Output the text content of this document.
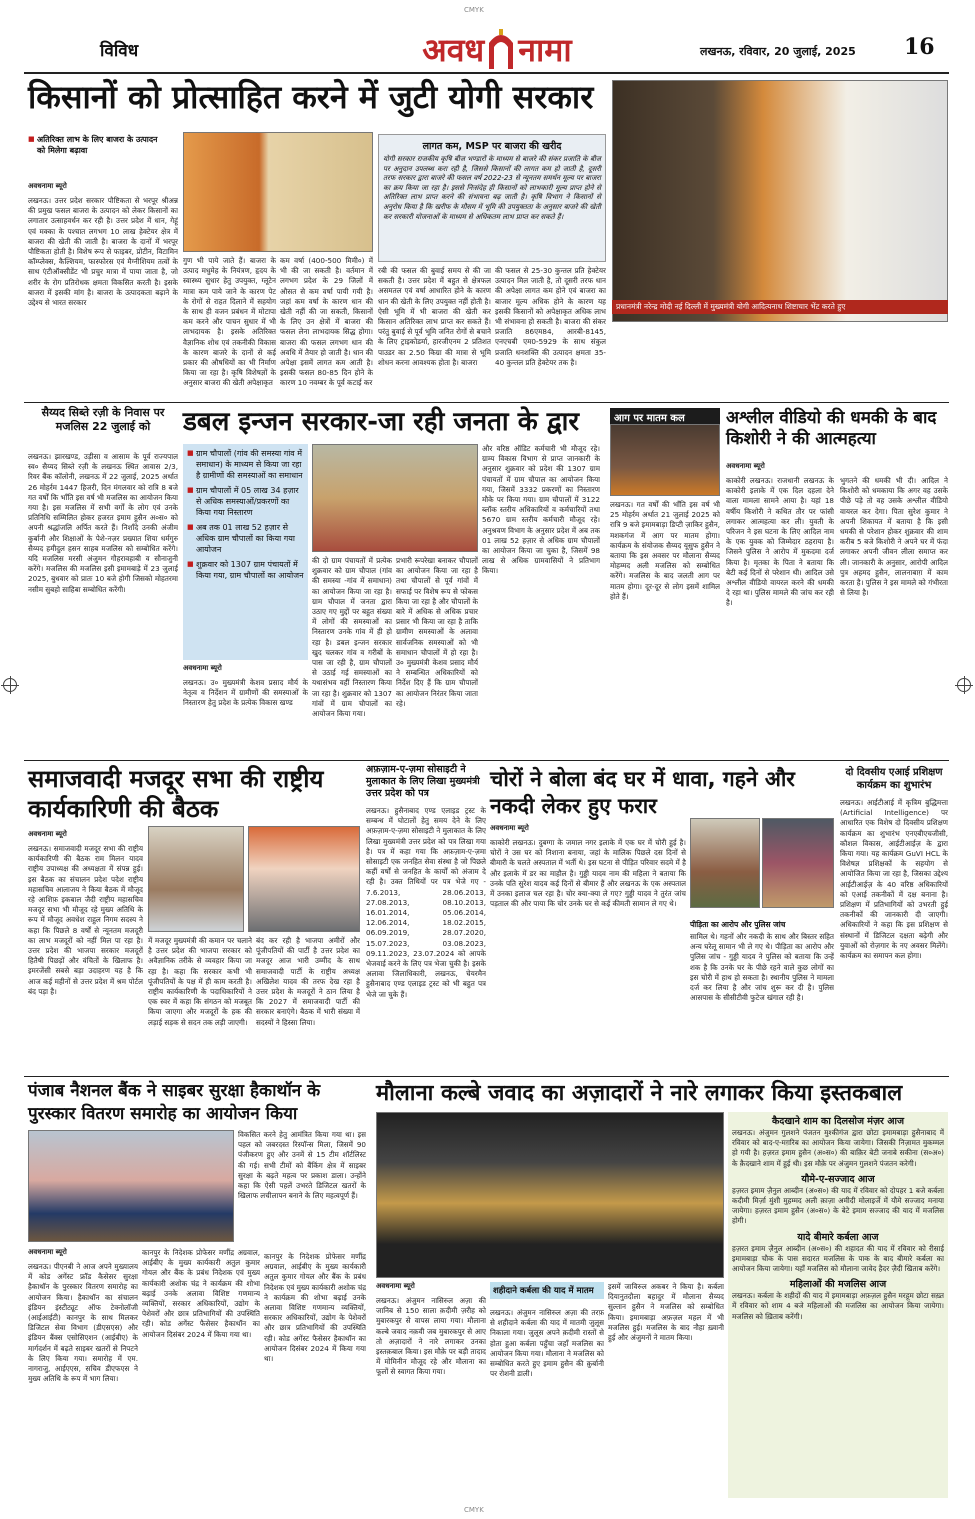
CMYK
विविध	अवध नामा	लखनऊ, रविवार, 20 जुलाई, 2025 16
किसानों को प्रोत्साहित करने में जुटी योगी सरकार
■ अतिरिक्त लाभ के लिए बाजरा के उत्पादन को मिलेगा बढ़ावा
अवधनामा ब्यूरो
लखनऊ। उत्तर प्रदेश सरकार पौष्टिकता से भरपूर श्रीअन्न की प्रमुख फसल बाजरा के उत्पादन को लेकर किसानों का लगातार उत्साहवर्धन कर रही है। उत्तर प्रदेश में धान, गेहूं एवं मक्का के पश्चात लगभग 10 लाख हेक्टेयर क्षेत्र में बाजरा की खेती की जाती है। बाजरा के दानों में भरपूर पौष्टिकता होती है। विशेष रूप से फाइबर, प्रोटीन, विटामिन कॉम्प्लेक्स, कैल्शियम, फास्फोरस एवं मैग्नीशियम तत्वों के साथ एंटीऑक्सीडेंट भी प्रचुर मात्रा में पाया जाता है, जो शरीर के रोग प्रतिरोधक क्षमता विकसित करती है। इसके बाजरा में इसकी मांग है। बाजरा के उत्पादकता बढ़ाने के उद्देश्य से भारत सरकार
गुण भी पाये जाते हैं। बाजरा के उत्पाद मधुमेह के नियंत्रण, हृदय के स्वास्थ्य सुधार हेतु उपयुक्त, ग्लूटेन मात्रा कम पाये जाने के कारण पेट के रोगों से राहत दिलाने में सहयोग के साथ ही वजन प्रबंधन में मोटापा कम करने और पाचन सुधार में भी लाभदायक है। इसके अतिरिक्त वैज्ञानिक शोध एवं तकनीकी विकास के कारण बाजरे के दानों से कई प्रकार की औषधियों का भी निर्माण किया जा रहा है। कृषि विशेषज्ञों के अनुसार बाजरा की खेती अपेक्षाकृत
कम वर्षा (400-500 मिमी०) में भी की जा सकती है। वर्तमान में लगभग प्रदेश के 29 जिलों में औसत से कम वर्षा पायी गयी है। जहां कम वर्षा के कारण धान की खेती नहीं की जा सकती, किसानों के लिए उन क्षेत्रों में बाजरा की फसल लेना लाभदायक सिद्ध होगा। बाजरा की फसल लगभग धान की अवधि में तैयार हो जाती है। धान की अपेक्षा इसमें लागत कम आती है। इसकी फसल 80-85 दिन होने के कारण 10 नवम्बर के पूर्व कटाई कर
लागत कम, MSP पर बाजरा की खरीद
योगी सरकार राजकीय कृषि बीज भण्डारों के माध्यम से बाजरे की संकर प्रजाति के बीज पर अनुदान उपलब्ध करा रही है, जिससे किसानों की लागत कम हो जाती है, दूसरी तरफ सरकार द्वारा बाजरे की फसल वर्ष 2022-23 से न्यूनतम समर्थन मूल्य पर बाजरा का क्रय किया जा रहा है। इससे निःसंदेह ही किसानों को लाभकारी मूल्य प्राप्त होने से अतिरिक्त लाभ प्राप्त करने की संभावना बढ़ जाती है। कृषि विभाग ने किसानों से अनुरोध किया है कि खरीफ के मौसम में भूमि की उपयुक्तता के अनुसार बाजरे की खेती कर सरकारी योजनाओं के माध्यम से अधिकतम लाभ प्राप्त कर सकते हैं।
रबी की फसल की बुवाई समय से की जा सकती है। उत्तर प्रदेश में बहुत से क्षेत्रफल असमतल एवं वर्षा आधारित होने के कारण धान की खेती के लिए उपयुक्त नहीं होती है। ऐसी भूमि में भी बाजरा की खेती कर किसान अतिरिक्त लाभ प्राप्त कर सकते हैं। परंतु बुवाई से पूर्व भूमि जनित रोगों से बचाने के लिए ट्राइकोडर्मा, हारजीएनम 2 प्रतिशत पाउडर का 2.50 किग्रा की मात्रा से भूमि शोधन करना आवश्यक होता है। बाजरा
की फसल से 25-30 कुन्तल प्रति हेक्टेयर उत्पादन मिल जाती है, तो दूसरी तरफ धान की अपेक्षा लागत कम होने एवं बाजरा का बाजार मूल्य अधिक होने के कारण यह इसकी किसानों को अपेक्षाकृत अधिक लाभ भी संभावना हो सकती है। बाजरा की संकर प्रजाति 86एम84, आरबी-8145, एनएचबी एम0-5929 के साथ संकुल प्रजाति धनशक्ति की उत्पादन क्षमता 35-40 कुन्तल प्रति हेक्टेयर तक है।
प्रधानमंत्री नरेन्द्र मोदी नई दिल्ली में मुख्यमंत्री योगी आदित्यनाथ शिष्टाचार भेंट करते हुए
सैय्यद सिब्ते रज़ी के निवास पर मजलिस 22 जुलाई को
लखनऊ। झारखण्ड, उड़ीसा व आसाम के पूर्व राज्यपाल स्व० सैय्यद सिब्ते रज़ी के लखनऊ स्थित आवास 2/3, रिवर बैंक कॉलोनी, लखनऊ में 22 जुलाई, 2025 अर्थात 26 मोहर्रम 1447 हिजरी, दिन मंगलवार को रात्रि 8 बजे गत वर्षों कि भाँति इस वर्ष भी मजलिस का आयोजन किया गया है। इस मजलिस में सभी वर्गों के लोग एवं उनके प्रतिनिधि सम्मिलित होकर हजरत इमाम हुसैन अ०स० को अपनी श्रद्धांजलि अर्पित करते हैं। निशाँदे उनकी अंजीम कुर्बानी और शिक्षाओं के पेशे-नज़र प्रख्यात शिया धर्मगुरु सैय्यद हमीदुल हसन साहब मजलिस को सम्बोधित करेंगे। यदि मजलिस मरसी अंजुमन गौहरावहाबी व सौनाजुनी करेंगे। मजलिस की मजलिस इसी इमामबाड़े में 23 जुलाई 2025, बुधवार को प्रातः 10 बजे होगी जिसको मोहतरमा नसीम सुबहो साहिबा सम्बोधित करेंगी।
डबल इन्जन सरकार-जा रही जनता के द्वार
■ ग्राम चौपालों (गांव की समस्या गांव में समाधान) के माध्यम से किया जा रहा है ग्रामीणों की समस्याओं का समाधान
■ ग्राम चौपालों में 05 लाख 34 हज़ार से अधिक समस्याओं/प्रकरणों का किया गया निस्तारण
■ अब तक 01 लाख 52 हज़ार से अधिक ग्राम चौपालों का किया गया आयोजन
■ शुक्रवार को 1307 ग्राम पंचायतों में किया गया, ग्राम चौपालों का आयोजन
अवधनामा ब्यूरो
लखनऊ। उ० मुख्यमंत्री केशव प्रसाद मौर्य के नेतृत्व व निर्देशन में ग्रामीणों की समस्याओं के निस्तारण हेतु प्रदेश के प्रत्येक विकास खण्ड
की दो ग्राम पंचायतों में प्रत्येक शुक्रवार को ग्राम चौपाल (गांव की समस्या -गांव में समाधान) का आयोजन किया जा रहा है। ग्राम चौपाल में जनता द्वारा उठाए गए मुद्दों पर बहुत संख्या में लोगों की समस्याओं का निस्तारण उनके गांव में ही हो रहा है। डबल इन्जन सरकार खुद चलकर गांव व गरीबों के पास जा रही है, ग्राम चौपालों से उठाई गई समस्याओं का यथासंभव वहीं निस्तारण किया जा रहा है। शुक्रवार को 1307 गांवों में ग्राम चौपालों का आयोजन किया गया।
प्रभारी रूपरेखा बनाकर चौपालों का आयोजन किया जा रहा है तथा चौपालों से पूर्व गांवों में सफाई पर विशेष रूप से फोकस किया जा रहा है और चौपालों के बारे में अधिक से अधिक प्रचार प्रसार भी किया जा रहा है ताकि ग्रामीण समस्याओं के अलावा सार्वजनिक समस्याओं को भी समाधान चौपालों में हो रहा है। उ० मुख्यमंत्री केशव प्रसाद मौर्य ने सम्बन्धित अधिकारियों को निर्देश दिए हैं कि ग्राम चौपालों का आयोजन निरंतर किया जाता रहे।
और वरिष्ठ ऑडिट कर्मचारी भी मौजूद रहे। ग्राम्य विकास विभाग से प्राप्त जानकारी के अनुसार शुक्रवार को प्रदेश की 1307 ग्राम पंचायतों में ग्राम चौपाल का आयोजन किया गया, जिसमें 3332 प्रकरणों का निस्तारण मौके पर किया गया। ग्राम चौपालों में 3122 ब्लॉक स्तरीय अधिकारियों व कर्मचारियों तथा 5670 ग्राम स्तरीय कर्मचारी मौजूद रहे। अनुश्रवण विभाग के अनुसार प्रदेश में अब तक 01 लाख 52 हज़ार से अधिक ग्राम चौपालों का आयोजन किया जा चुका है, जिसमें 98 लाख से अधिक ग्रामवासियों ने प्रतिभाग किया।
आग पर मातम कल
लखनऊ। गत वर्षों की भाँति इस वर्ष भी 25 मोहर्रम अर्थात 21 जुलाई 2025 को रात्रि 9 बजे इमामबाड़ा डिप्टी ज़ाकिर हुसैन, मशकगंज में आग पर मातम होगा। कार्यक्रम के संयोजक सैय्यद यूसुफ हुसैन ने बताया कि इस अवसर पर मौलाना सैय्यद मोहम्मद अली मजलिस को सम्बोधित करेंगे। मजलिस के बाद जलती आग पर मातम होगा। दूर-दूर से लोग इसमें शामिल होते हैं।
अश्लील वीडियो की धमकी के बाद किशोरी ने की आत्महत्या
अवधनामा ब्यूरो
काकोरी लखनऊ। राजधानी लखनऊ के काकोरी इलाके में एक दिल दहला देने वाला मामला सामने आया है। यहां 18 वर्षीय किशोरी ने कथित तौर पर फांसी लगाकर आत्महत्या कर ली। युवती के परिजन ने इस घटना के लिए आदिल नाम के एक युवक को जिम्मेदार ठहराया है। जिसने पुलिस ने आरोप में मुकदमा दर्ज किया है। मृतका के पिता ने बताया कि बेटी कई दिनों से परेशान थी। आदिल उसे अश्लील वीडियो वायरल करने की धमकी दे रहा था। पुलिस मामले की जांच कर रही है।
भुगतने की धमकी भी दी। आदिल ने किशोरी को धमकाया कि अगर वह उसके पीछे पड़े तो वह उसके अश्लील वीडियो वायरल कर देगा। पिता सुरेश कुमार ने अपनी शिकायत में बताया है कि इसी धमकी से परेशान होकर शुक्रवार की शाम करीब 5 बजे किशोरी ने अपने घर में फंदा लगाकर अपनी जीवन लीला समाप्त कर ली। जानकारी के अनुसार, आरोपी आदिल पुत्र अहमद हुसैन, लालनाबाग़ में काम करता है। पुलिस ने इस मामले को गंभीरता से लिया है।
समाजवादी मजदूर सभा की राष्ट्रीय कार्यकारिणी की बैठक
अवधनामा ब्यूरो
लखनऊ। समाजवादी मजदूर सभा की राष्ट्रीय कार्यकारिणी की बैठक राम मिलन यादव राष्ट्रीय उपाध्यक्ष की अध्यक्षता में संपन्न हुई। इस बैठक का संचालन प्रदेश पदेश राष्ट्रीय महासचिव आलाजय ने किया बैठक में मौजूद रहे आशिफ़ इकबाल जैदी राष्ट्रीय महासचिव मजदूर सभा भी मौजूद रहे मुख्य अतिथि के रूप में मौजूद अवधेश राहुल निगम सदस्य ने कहा कि पिछले 8 वर्षों से न्यूनतम मजदूरी का लाभ मजदूरों को नहीं मिल पा रहा है। उत्तर प्रदेश की भाजपा सरकार मजदूरों हितैषी पिछड़ों और वंचितों के खिलाफ है। इमरजेंसी सबसे बड़ा उदाहरण यह है कि आज कई महीनों से उत्तर प्रदेश में श्रम पोर्टल बंद पड़ा है।
में मजदूर मुख्यमंत्री की कमान पर चलाने है उत्तर प्रदेश की भाजपा सरकार को अवैज्ञानिक तरीके से व्यवहार किया जा रहा है। कहा कि सरकार कभी भी पूंजीपतियों के पक्ष में ही काम करती है। राष्ट्रीय कार्यकारिणी के पदाधिकारियों ने एक स्वर में कहा कि संगठन को मजबूत किया जाएगा और मजदूरों के हक की लड़ाई सड़क से सदन तक लड़ी जाएगी।
बंद कर रही है भाजपा अमीरों और पूंजीपतियों की पार्टी है उत्तर प्रदेश का मजदूर आज भारी उम्मीद के साथ समाजवादी पार्टी के राष्ट्रीय अध्यक्ष अखिलेश यादव की तरफ देख रहा है उत्तर प्रदेश के मजदूरों ने ठान लिया है कि 2027 में समाजवादी पार्टी की सरकार बनाएंगे। बैठक में भारी संख्या में सदस्यों ने हिस्सा लिया।
अफ़ज़ाम-ए-ज़मा सोसाइटी ने मुलाकात के लिए लिखा मुख्यमंत्री उत्तर प्रदेश को पत्र
लखनऊ। हुसैनाबाद एण्ड एलाइड ट्रस्ट के सम्बन्ध में घोटालों हेतु समय देने के लिए अफ़ज़ाम-ए-ज़मा सोसाइटी ने मुलाकात के लिए लिखा मुख्यमंत्री उत्तर प्रदेश को पत्र लिखा गया है। पत्र में कहा गया कि अफ़ज़ाम-ए-ज़मा सोसाइटी एक जनहित सेवा संस्था है जो पिछले कहीं वर्षों से जनहित के कार्यों को अंजाम दे रही है। उक्त तिथियों पर पत्र भेजे गए - 7.6.2013, 28.06.2013, 27.08.2013, 08.10.2013, 16.01.2014, 05.06.2014, 12.06.2014, 18.02.2015, 06.09.2019, 28.07.2020, 15.07.2023, 03.08.2023, 09.11.2023, 23.07.2024 को आपके भेजवाई करने के लिए पत्र भेजा चुकी है। इसके अलावा जिलाधिकारी, लखनऊ, चेयरमैन हुसैनाबाद एण्ड एलाइड ट्रस्ट को भी बहुत पत्र भेजे जा चुके हैं।
चोरों ने बोला बंद घर में धावा, गहने और नकदी लेकर हुए फरार
अवधनामा ब्यूरो
काकोरी लखनऊ। दुबग्गा के जमाल नगर इलाके में एक घर में चोरी हुई है। चोरों ने उस घर को निशाना बनाया, जहां के मालिक पिछले दस दिनों से बीमारी के चलते अस्पताल में भर्ती थे। इस घटना से पीड़ित परिवार सदमे में है और इलाके में डर का माहौल है। गुड्डी यादव नाम की महिला ने बताया कि उनके पति सुरेश यादव कई दिनों से बीमार हैं और लखनऊ के एक अस्पताल में उनका इलाज चल रहा है। चोर क्या-क्या ले गए? गुड्डी यादव ने तुरंत जांच पड़ताल की और पाया कि चोर उनके घर से कई कीमती सामान ले गए थे।
पीड़िता का आरोप और पुलिस जांच
सामिल थे। गहनों और नकदी के साथ और बिस्तर सहित अन्य घरेलू सामान भी ले गए थे। पीड़िता का आरोप और पुलिस जांच - गुड्डी यादव ने पुलिस को बताया कि उन्हें शक है कि उनके घर के पीछे रहने वाले कुछ लोगों का इस चोरी में हाथ हो सकता है। स्थानीय पुलिस ने मामला दर्ज कर लिया है और जांच शुरू कर दी है। पुलिस आसपास के सीसीटीवी फुटेज खंगाल रही है।
दो दिवसीय एआई प्रशिक्षण कार्यक्रम का शुभारंभ
लखनऊ। आईटीआई में कृत्रिम बुद्धिमत्ता (Artificial Intelligence) पर आधारित एक विशेष दो दिवसीय प्रशिक्षण कार्यक्रम का शुभारंभ एनएबीएचजीसी, कौशल विकास, आईटीआईज़ के द्वारा किया गया। यह कार्यक्रम GuVI HCL के विशेषज्ञ प्रशिक्षकों के सहयोग से आयोजित किया जा रहा है, जिसका उद्देश्य आईटीआईज़ के 40 वरिष्ठ अधिकारियों को एआई तकनीकों में दक्ष बनाना है। प्रशिक्षण में प्रतिभागियों को उभरती हुई तकनीकों की जानकारी दी जाएगी। अधिकारियों ने कहा कि इस प्रशिक्षण से संस्थानों में डिजिटल दक्षता बढ़ेगी और युवाओं को रोज़गार के नए अवसर मिलेंगे। कार्यक्रम का समापन कल होगा।
पंजाब नैशनल बैंक ने साइबर सुरक्षा हैकाथॉन के पुरस्कार वितरण समारोह का आयोजन किया
अवधनामा ब्यूरो
लखनऊ। पीएनबी ने आज अपने मुख्यालय में कोड अगेंस्ट फ्रॉड कैसेसर सुरक्षा हैकाथॉन के पुरस्कार वितरण समारोह का आयोजन किया। हैकाथॉन का संचालन इंडियन इंस्टीट्यूट ऑफ टेक्नोलॉजी (आईआईटी) कानपुर के साथ मिलकर डिजिटल सेवा विभाग (डीएसएस) और इंडियन बैंक्स एसोसिएशन (आईबीए) के मार्गदर्शन में बढ़ते साइबर खतरों से निपटने के लिए किया गया। समारोह में एम. नागराजु, आईएएस, सचिव डीएफएस ने मुख्य अतिथि के रूप में भाग लिया।
कानपुर के निदेशक प्रोफेसर मणींद्र अग्रवाल, आईबीए के मुख्य कार्यकारी अतुल कुमार गोयल और बैंक के प्रबंध निदेशक एवं मुख्य कार्यकारी अशोक चंद्र ने कार्यक्रम की शोभा बढ़ाई उनके अलावा विशिष्ट गणमान्य व्यक्तियों, सरकार अधिकारियों, उद्योग के पेशेवरों और छात्र प्रतिभागियों की उपस्थिति रही। कोड अगेंस्ट फैसेसर हैकाथॉन का आयोजन दिसंबर 2024 में किया गया था।
विकसित करने हेतु आमंत्रित किया गया था। इस पहल को जबरदस्त रिस्पॉन्स मिला, जिसमें 90 पंजीकरण हुए और उनमें से 15 टीम शॉर्टलिस्ट की गई। सभी टीमों को बैंकिंग क्षेत्र में साइबर सुरक्षा के बढ़ते महत्व पर प्रकाश डाला। उन्होंने कहा कि ऐसी पहलें उभरते डिजिटल खतरों के खिलाफ लचीलापन बनाने के लिए महत्वपूर्ण हैं।
कानपुर के निदेशक प्रोफेसर मणींद्र अग्रवाल, आईबीए के मुख्य कार्यकारी अतुल कुमार गोयल और बैंक के प्रबंध निदेशक एवं मुख्य कार्यकारी अशोक चंद्र ने कार्यक्रम की शोभा बढ़ाई उनके अलावा विशिष्ट गणमान्य व्यक्तियों, सरकार अधिकारियों, उद्योग के पेशेवरों और छात्र प्रतिभागियों की उपस्थिति रही। कोड अगेंस्ट फैसेसर हैकाथॉन का आयोजन दिसंबर 2024 में किया गया था।
मौलाना कल्बे जवाद का अज़ादारों ने नारे लगाकर किया इस्तकबाल
अवधनामा ब्यूरो
लखनऊ। अंजुमन नासिरुल अज़ा की जानिब से 150 साला क़दीमी ज़रीह को मुबारकपुर से वापस लाया गया। मौलाना कल्बे जवाद नक़वी जब मुबारकपुर से आए तो अज़ादारों ने नारे लगाकर उनका इस्तक़बाल किया। इस मौक़े पर बड़ी तादाद में मोमिनीन मौजूद रहे और मौलाना का फूलों से स्वागत किया गया।
शहीदाने कर्बला की याद में मातम
लखनऊ। अंजुमन नासिरुल अज़ा की तरफ़ से शहीदाने कर्बला की याद में मातमी जुलूस निकाला गया। जुलूस अपने क़दीमी रास्तों से होता हुआ कर्बला पहुँचा जहाँ मजलिस का आयोजन किया गया। मौलाना ने मजलिस को सम्बोधित करते हुए इमाम हुसैन की क़ुर्बानी पर रोशनी डाली।
इसमें जाविरुल अकबर ने किया है। कर्बला दियानुतदौला बहादुर में मौलाना सैय्यद सुल्तान हुसैन ने मजलिस को सम्बोधित किया। इमामबाड़ा अफ़ज़ल महल में भी मजलिस हुई। मजलिस के बाद नौहा ख़्वानी हुई और अंजुमनों ने मातम किया।
कैदखाने शाम का दिलसोज मंज़र आज
लखनऊ। अंजुमन गुलशने पंजतन मुश्कीगंज द्वारा छोटा इमामबाड़ा हुसैनाबाद में रविवार को बाद-ए-मग़रिब का आयोजन किया जायेगा। जिसकी निज़ामत मुकम्मल हो गयी है। हज़रत इमाम हुसैन (अ०स०) की बाक़िर बेटी जनाबे सकीना (स०अ०) के क़ैदखाने शाम में हुई थी। इस मौक़े पर अंजुमन गुलशने पंजतन करेगी।
यौमे-ए-सज्जाद आज
हज़रत इमाम ज़ैनुल आब्दीन (अ०स०) की याद में रविवार को दोपहर 1 बजे कर्बला कदीमी मिर्ज़ा मुंशी मुहम्मद अली क़ाज़ा अमीदी मोलाइर्जे में यौमे सज्जाद मनाया जायेगा। हज़रत इमाम हुसैन (अ०स०) के बेटे इमाम सज्जाद की याद में मजलिस होगी।
यादे बीमारे कर्बला आज
हज़रत इमाम ज़ैनुल आब्दीन (अ०स०) की शहादत की याद में रविवार को रीसाई इमामबाड़ा चौक के पास सदारत मजलिस के पाक के बाद बीमारे कर्बला का आयोजन किया जायेगा। यहाँ मजलिस को मौलाना जावेद हैदर ज़ैदी खिताब करेंगे।
महिलाओं की मजलिस आज
लखनऊ। कर्बला के शहीदों की याद में इमामबाड़ा अफ़ज़ल हुसैन मरहूम छोटा सख़्त में रविवार को शाम 4 बजे महिलाओं की मजलिस का आयोजन किया जायेगा। मजलिस को ख़िताब करेंगी।
CMYK
